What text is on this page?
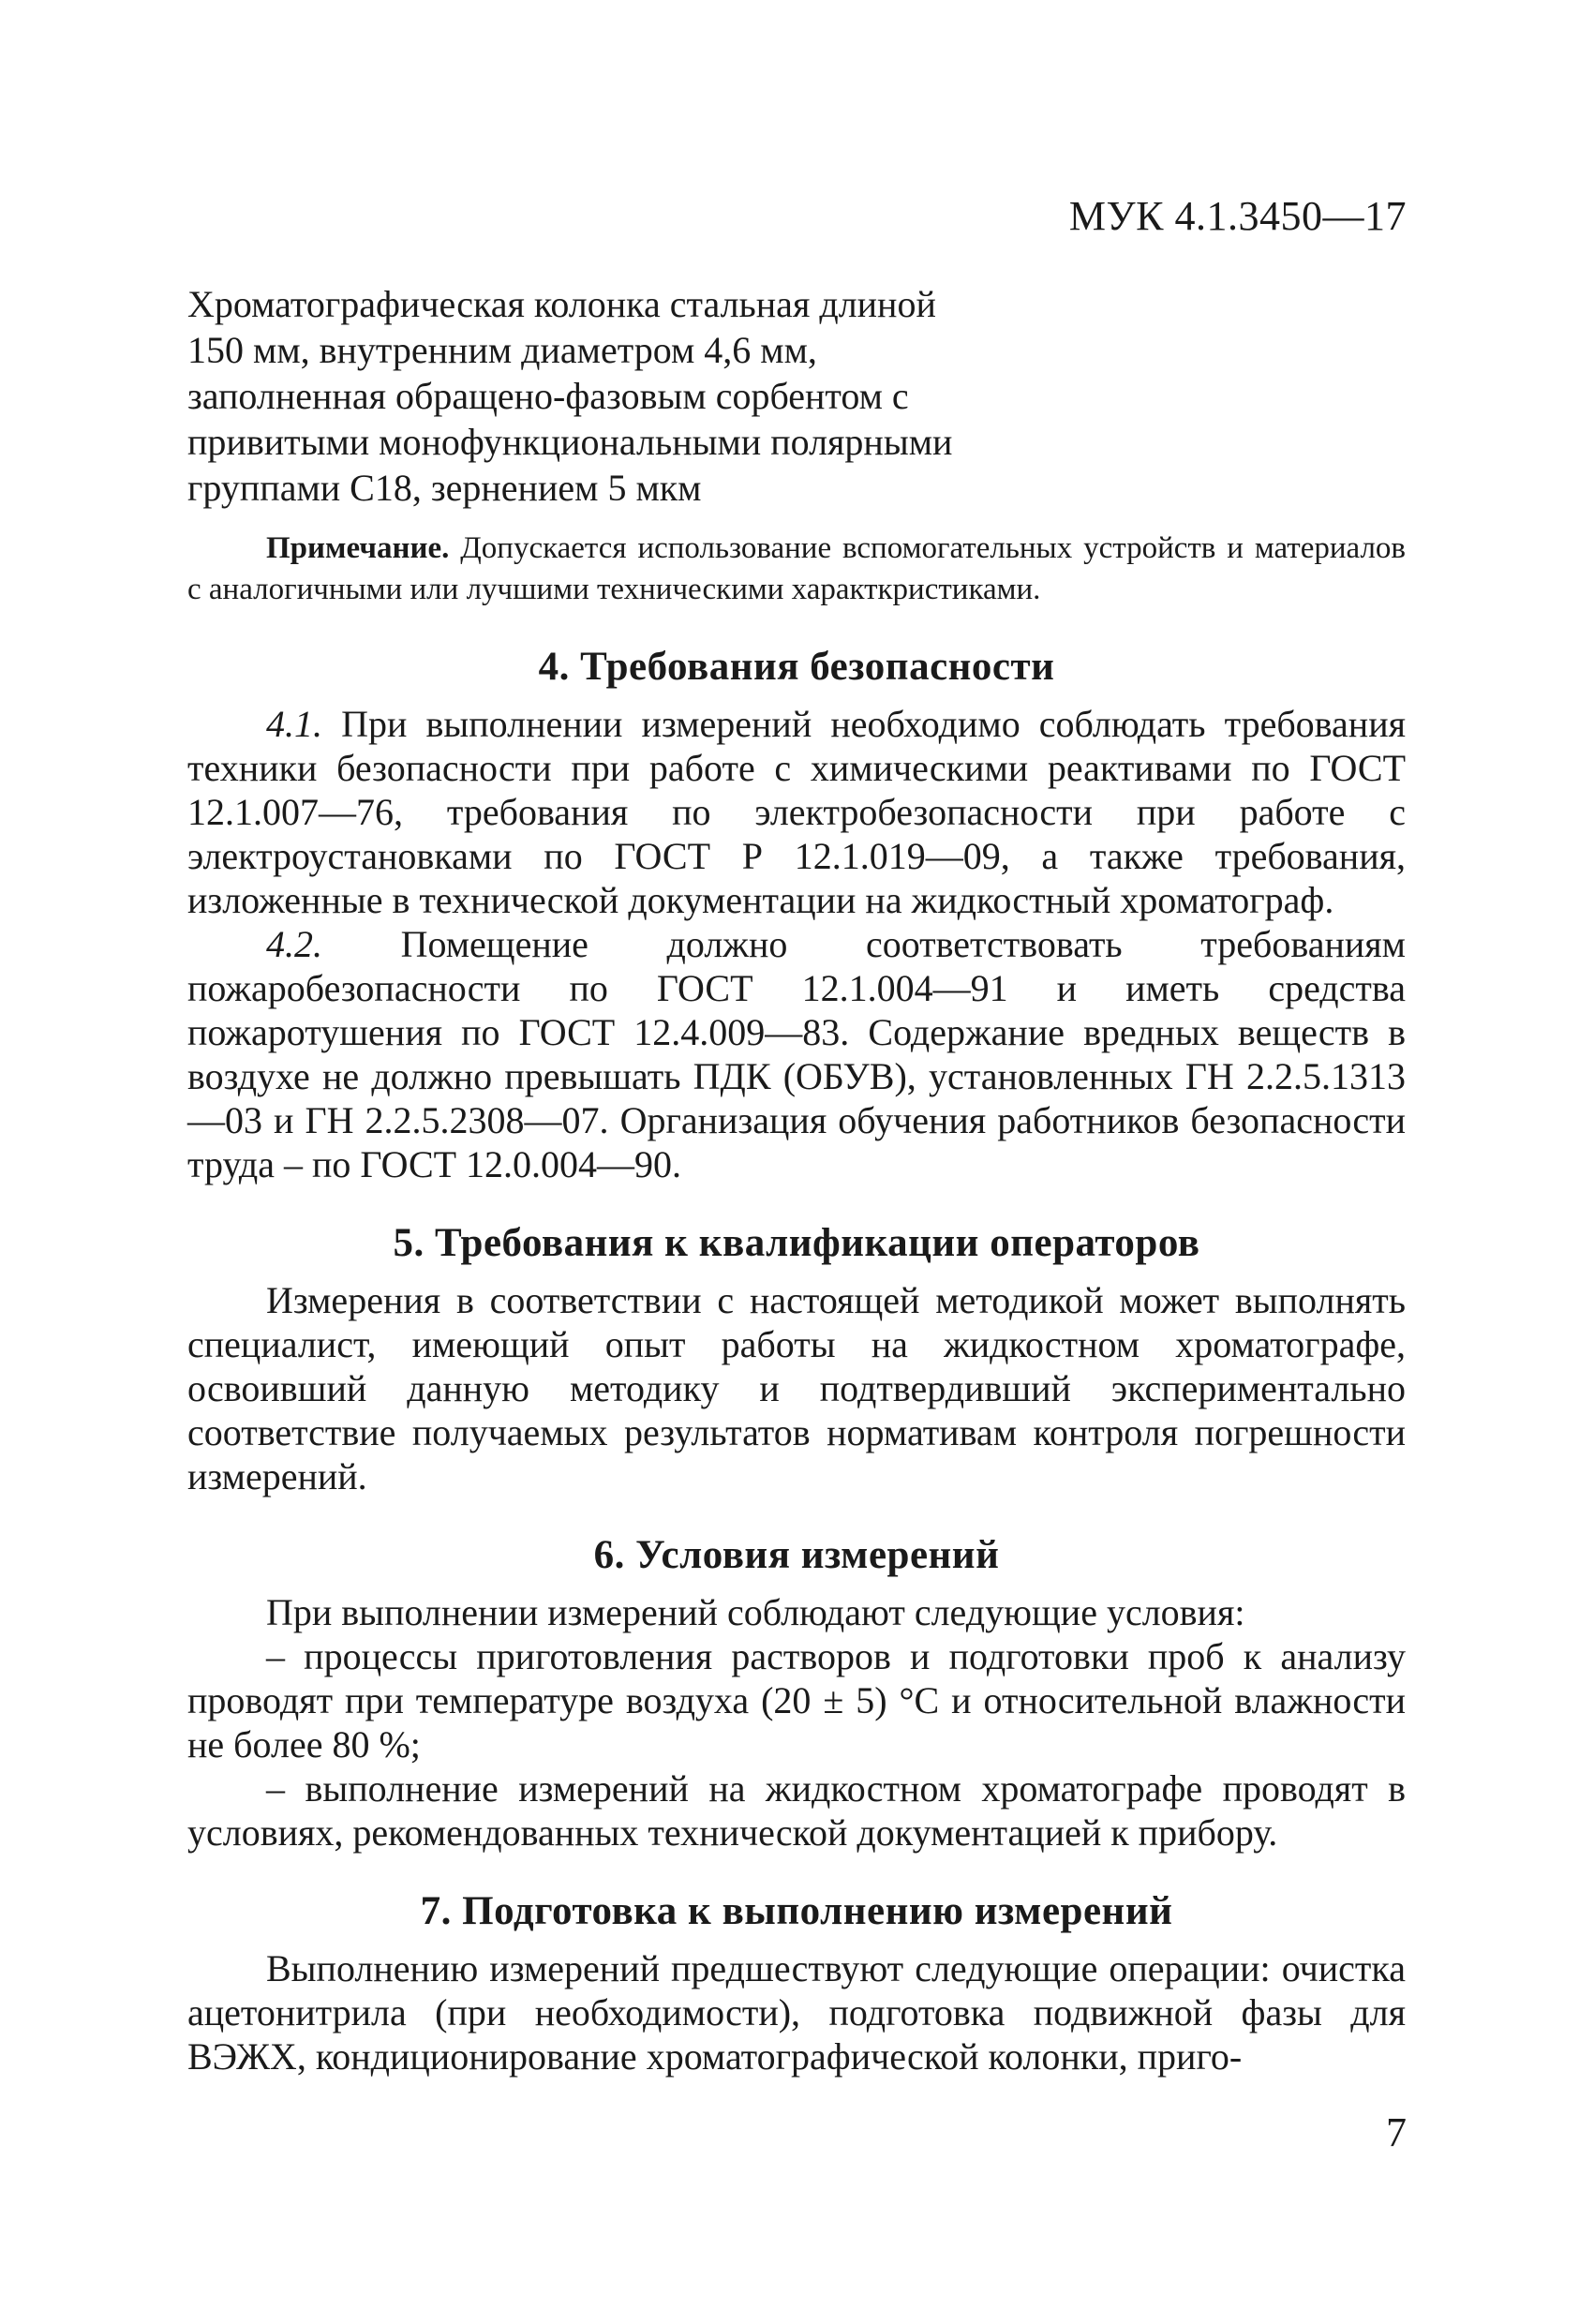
МУК 4.1.3450—17
Хроматографическая колонка стальная длиной 150 мм, внутренним диаметром 4,6 мм, заполненная обращено-фазовым сорбентом с привитыми монофункциональными полярными группами С18, зернением 5 мкм
Примечание. Допускается использование вспомогательных устройств и материалов с аналогичными или лучшими техническими характкристиками.
4. Требования безопасности

4.1. При выполнении измерений необходимо соблюдать требования техники безопасности при работе с химическими реактивами по ГОСТ 12.1.007—76, требования по электробезопасности при работе с электроустановками по ГОСТ Р 12.1.019—09, а также требования, изложенные в технической документации на жидкостный хроматограф.

4.2. Помещение должно соответствовать требованиям пожаробезопасности по ГОСТ 12.1.004—91 и иметь средства пожаротушения по ГОСТ 12.4.009—83. Содержание вредных веществ в воздухе не должно превышать ПДК (ОБУВ), установленных ГН 2.2.5.1313—03 и ГН 2.2.5.2308—07. Организация обучения работников безопасности труда – по ГОСТ 12.0.004—90.

5. Требования к квалификации операторов

Измерения в соответствии с настоящей методикой может выполнять специалист, имеющий опыт работы на жидкостном хроматографе, освоивший данную методику и подтвердивший экспериментально соответствие получаемых результатов нормативам контроля погрешности измерений.

6. Условия измерений

При выполнении измерений соблюдают следующие условия:

– процессы приготовления растворов и подготовки проб к анализу проводят при температуре воздуха (20 ± 5) °С и относительной влажности не более 80 %;

– выполнение измерений на жидкостном хроматографе проводят в условиях, рекомендованных технической документацией к прибору.

7. Подготовка к выполнению измерений

Выполнению измерений предшествуют следующие операции: очистка ацетонитрила (при необходимости), подготовка подвижной фазы для ВЭЖХ, кондиционирование хроматографической колонки, приго-

7
